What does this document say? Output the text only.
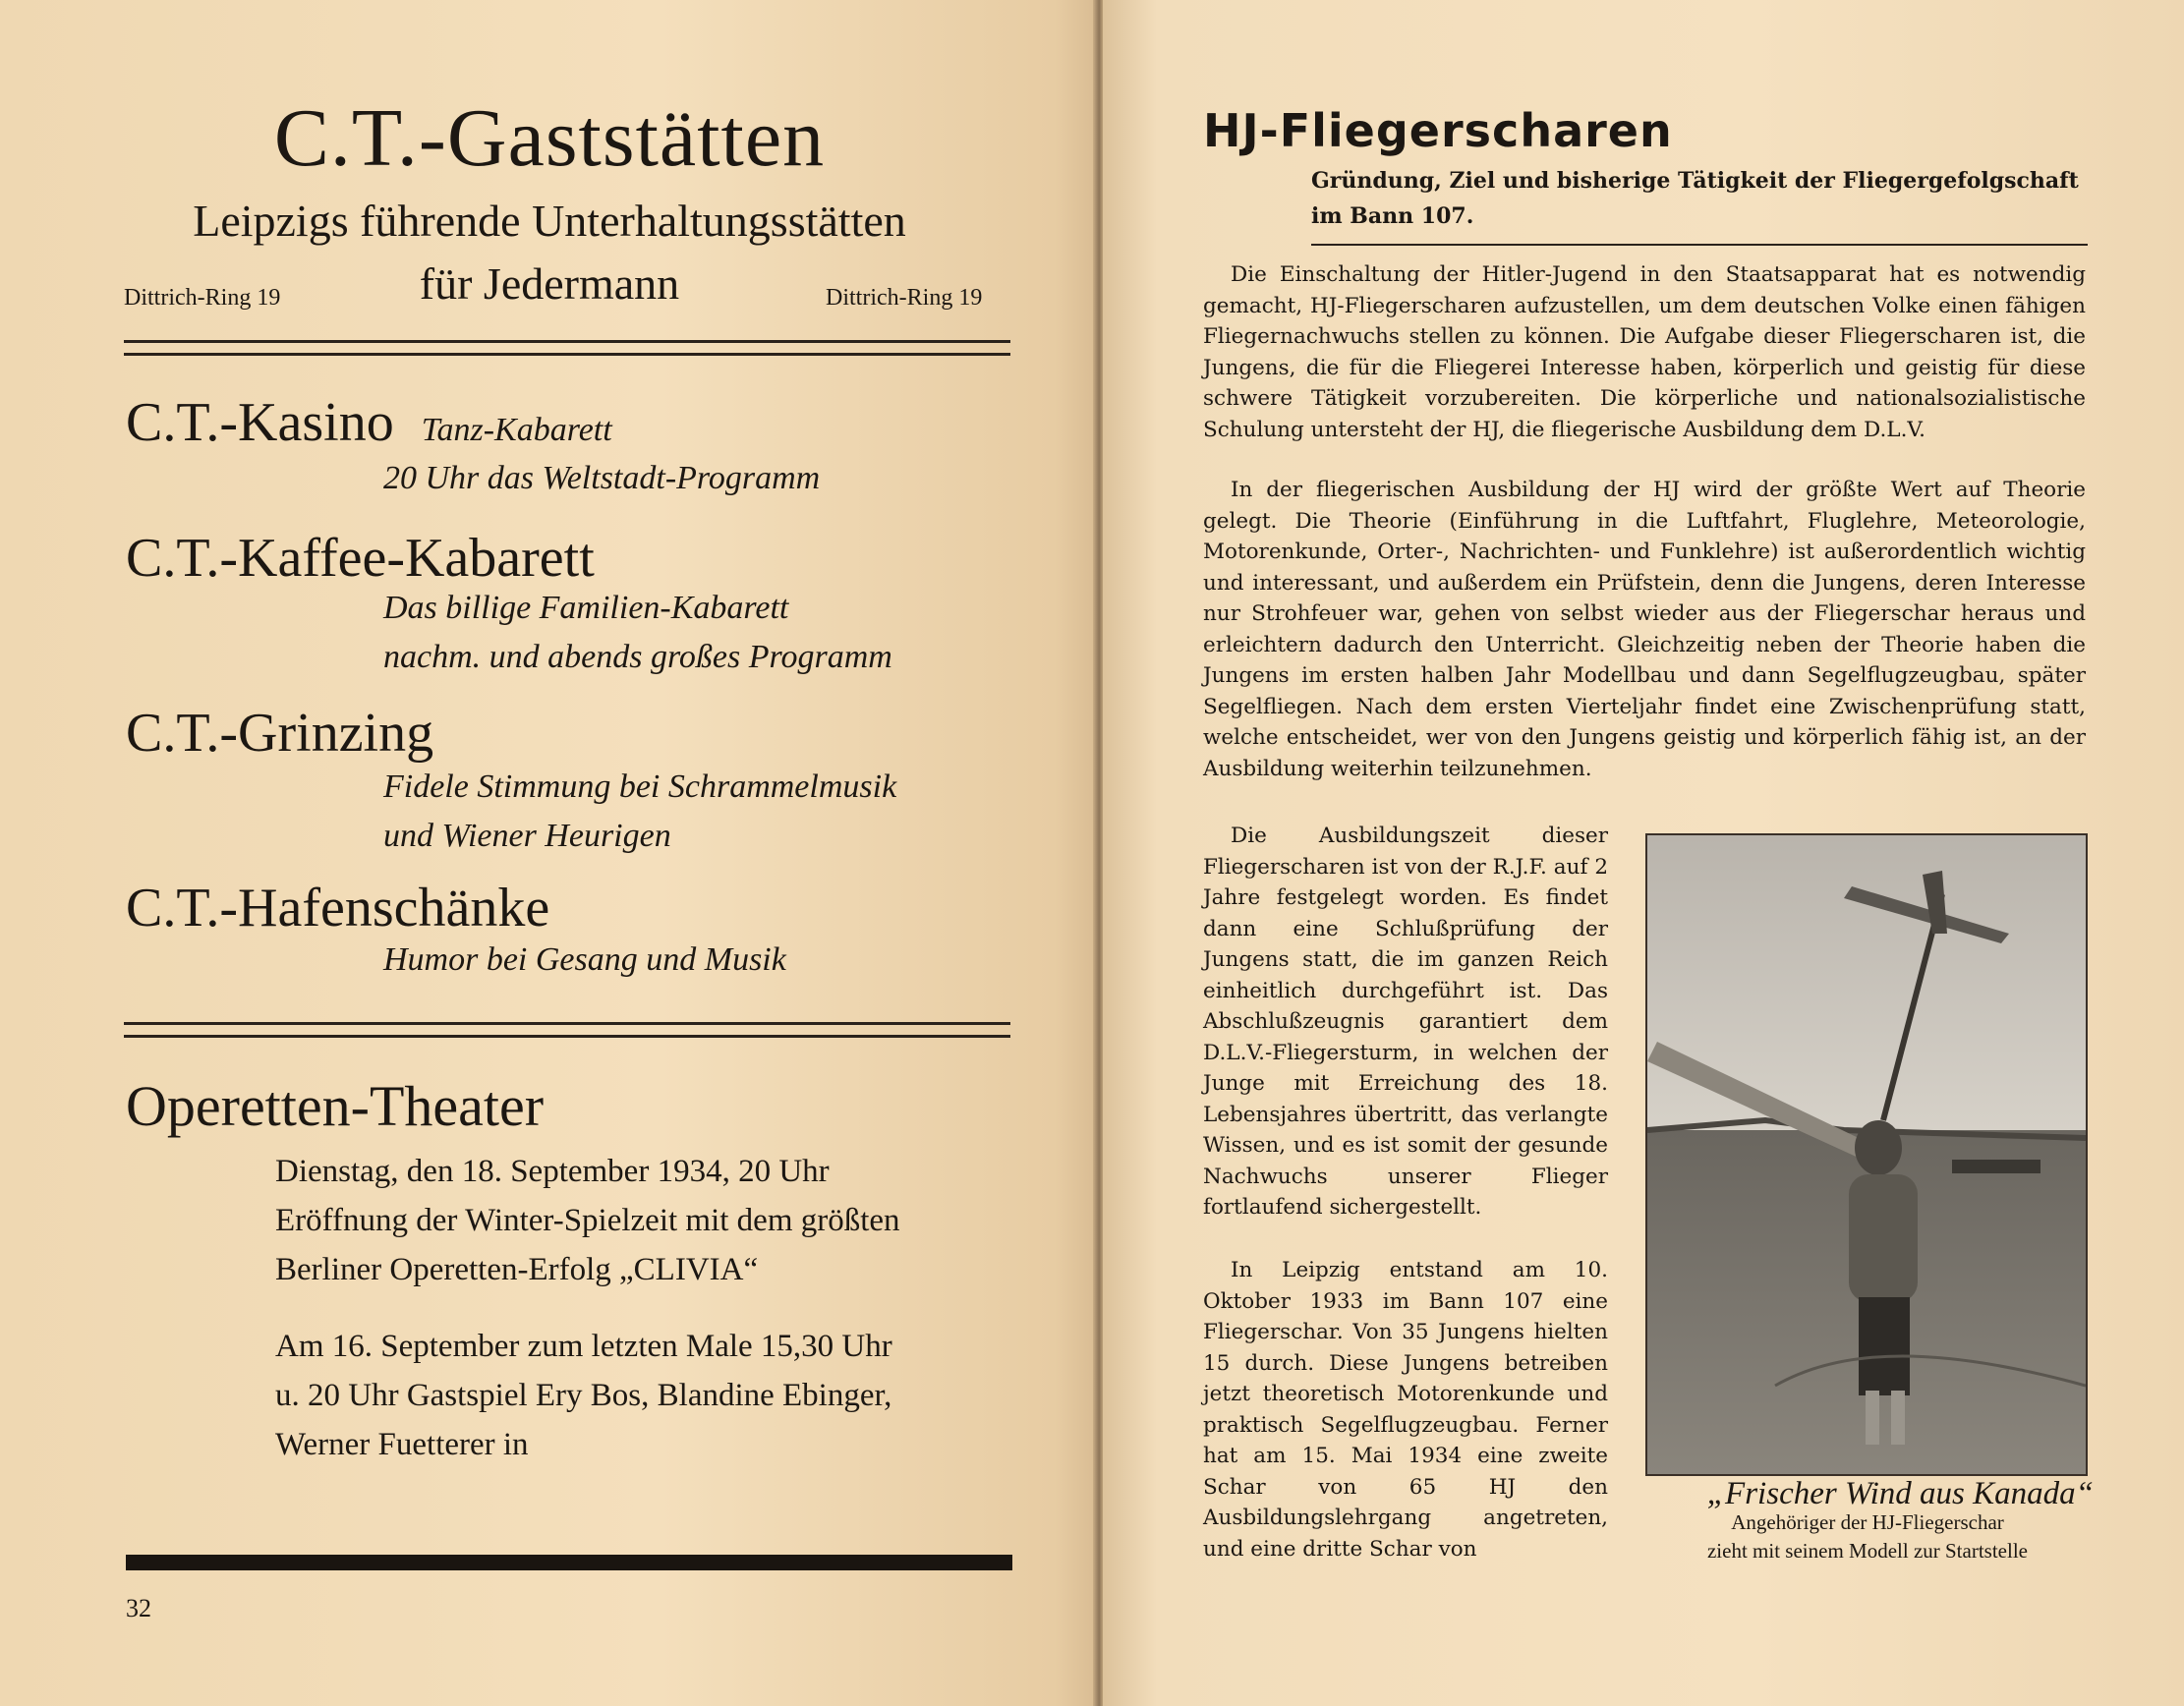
C.T.-Gaststätten
Leipzigs führende Unterhaltungsstätten
Dittrich-Ring 19	für Jedermann	Dittrich-Ring 19
C.T.-Kasino Tanz-Kabarett
20 Uhr das Weltstadt-Programm
C.T.-Kaffee-Kabarett
Das billige Familien-Kabarett
nachm. und abends großes Programm
C.T.-Grinzing
Fidele Stimmung bei Schrammelmusik
und Wiener Heurigen
C.T.-Hafenschänke
Humor bei Gesang und Musik
Operetten-Theater
Dienstag, den 18. September 1934, 20 Uhr
Eröffnung der Winter-Spielzeit mit dem größten
Berliner Operetten-Erfolg „CLIVIA“
Am 16. September zum letzten Male 15,30 Uhr
u. 20 Uhr Gastspiel Ery Bos, Blandine Ebinger,
Werner Fuetterer in
„Frischer Wind aus Kanada“
32
HJ-Fliegerscharen
Gründung, Ziel und bisherige Tätigkeit der Fliegergefolgschaft im Bann 107.

Die Einschaltung der Hitler-Jugend in den Staatsapparat hat es notwendig gemacht, HJ-Fliegerscharen aufzustellen, um dem deutschen Volke einen fähigen Fliegernachwuchs stellen zu können. Die Aufgabe dieser Fliegerscharen ist, die Jungens, die für die Fliegerei Interesse haben, körperlich und geistig für diese schwere Tätigkeit vorzubereiten. Die körperliche und nationalsozialistische Schulung untersteht der HJ, die fliegerische Ausbildung dem D.L.V.

In der fliegerischen Ausbildung der HJ wird der größte Wert auf Theorie gelegt. Die Theorie (Einführung in die Luftfahrt, Fluglehre, Meteorologie, Motorenkunde, Orter-, Nachrichten- und Funklehre) ist außerordentlich wichtig und interessant, und außerdem ein Prüfstein, denn die Jungens, deren Interesse nur Strohfeuer war, gehen von selbst wieder aus der Fliegerschar heraus und erleichtern dadurch den Unterricht. Gleichzeitig neben der Theorie haben die Jungens im ersten halben Jahr Modellbau und dann Segelflugzeugbau, später Segelfliegen. Nach dem ersten Vierteljahr findet eine Zwischenprüfung statt, welche entscheidet, wer von den Jungens geistig und körperlich fähig ist, an der Ausbildung weiterhin teilzunehmen.

Die Ausbildungszeit dieser Fliegerscharen ist von der R.J.F. auf 2 Jahre festgelegt worden. Es findet dann eine Schlußprüfung der Jungens statt, die im ganzen Reich einheitlich durchgeführt ist. Das Abschlußzeugnis garantiert dem D.L.V.-Fliegersturm, in welchen der Junge mit Erreichung des 18. Lebensjahres übertritt, das verlangte Wissen, und es ist somit der gesunde Nachwuchs unserer Flieger fortlaufend sichergestellt.

In Leipzig entstand am 10. Oktober 1933 im Bann 107 eine Fliegerschar. Von 35 Jungens hielten 15 durch. Diese Jungens betreiben jetzt theoretisch Motorenkunde und praktisch Segelflugzeugbau. Ferner hat am 15. Mai 1934 eine zweite Schar von 65 HJ den Ausbildungslehrgang angetreten, und eine dritte Schar von

Angehöriger der HJ-Fliegerschar
zieht mit seinem Modell zur Startstelle
